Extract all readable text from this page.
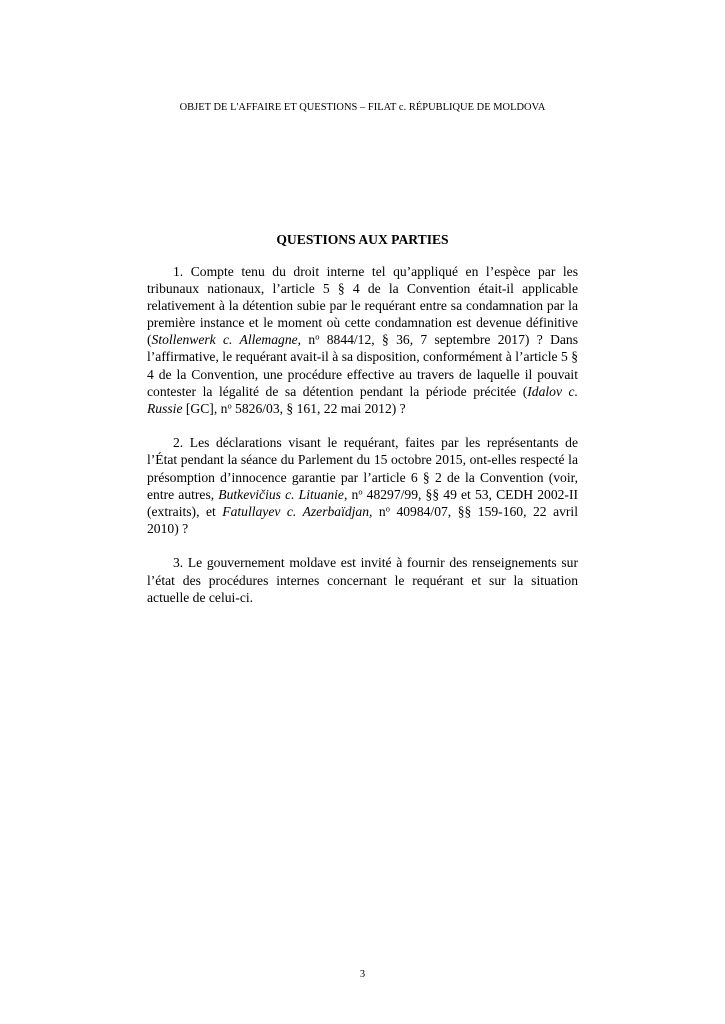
OBJET DE L'AFFAIRE ET QUESTIONS – FILAT c. RÉPUBLIQUE DE MOLDOVA
QUESTIONS AUX PARTIES

1. Compte tenu du droit interne tel qu’appliqué en l’espèce par les tribunaux nationaux, l’article 5 § 4 de la Convention était-il applicable relativement à la détention subie par le requérant entre sa condamnation par la première instance et le moment où cette condamnation est devenue définitive (Stollenwerk c. Allemagne, $n^o$ 8844/12, § 36, 7 septembre 2017) ? Dans l’affirmative, le requérant avait-il à sa disposition, conformément à l’article 5 § 4 de la Convention, une procédure effective au travers de laquelle il pouvait contester la légalité de sa détention pendant la période précitée (Idalov c. Russie [GC], $n^o$ 5826/03, § 161, 22 mai 2012) ?

2. Les déclarations visant le requérant, faites par les représentants de l’État pendant la séance du Parlement du 15 octobre 2015, ont-elles respecté la présomption d’innocence garantie par l’article 6 § 2 de la Convention (voir, entre autres, Butkevičius c. Lituanie, $n^o$ 48297/99, §§ 49 et 53, CEDH 2002-II (extraits), et Fatullayev c. Azerbaïdjan, $n^o$ 40984/07, §§ 159-160, 22 avril 2010) ?

3. Le gouvernement moldave est invité à fournir des renseignements sur l’état des procédures internes concernant le requérant et sur la situation actuelle de celui-ci.

3
